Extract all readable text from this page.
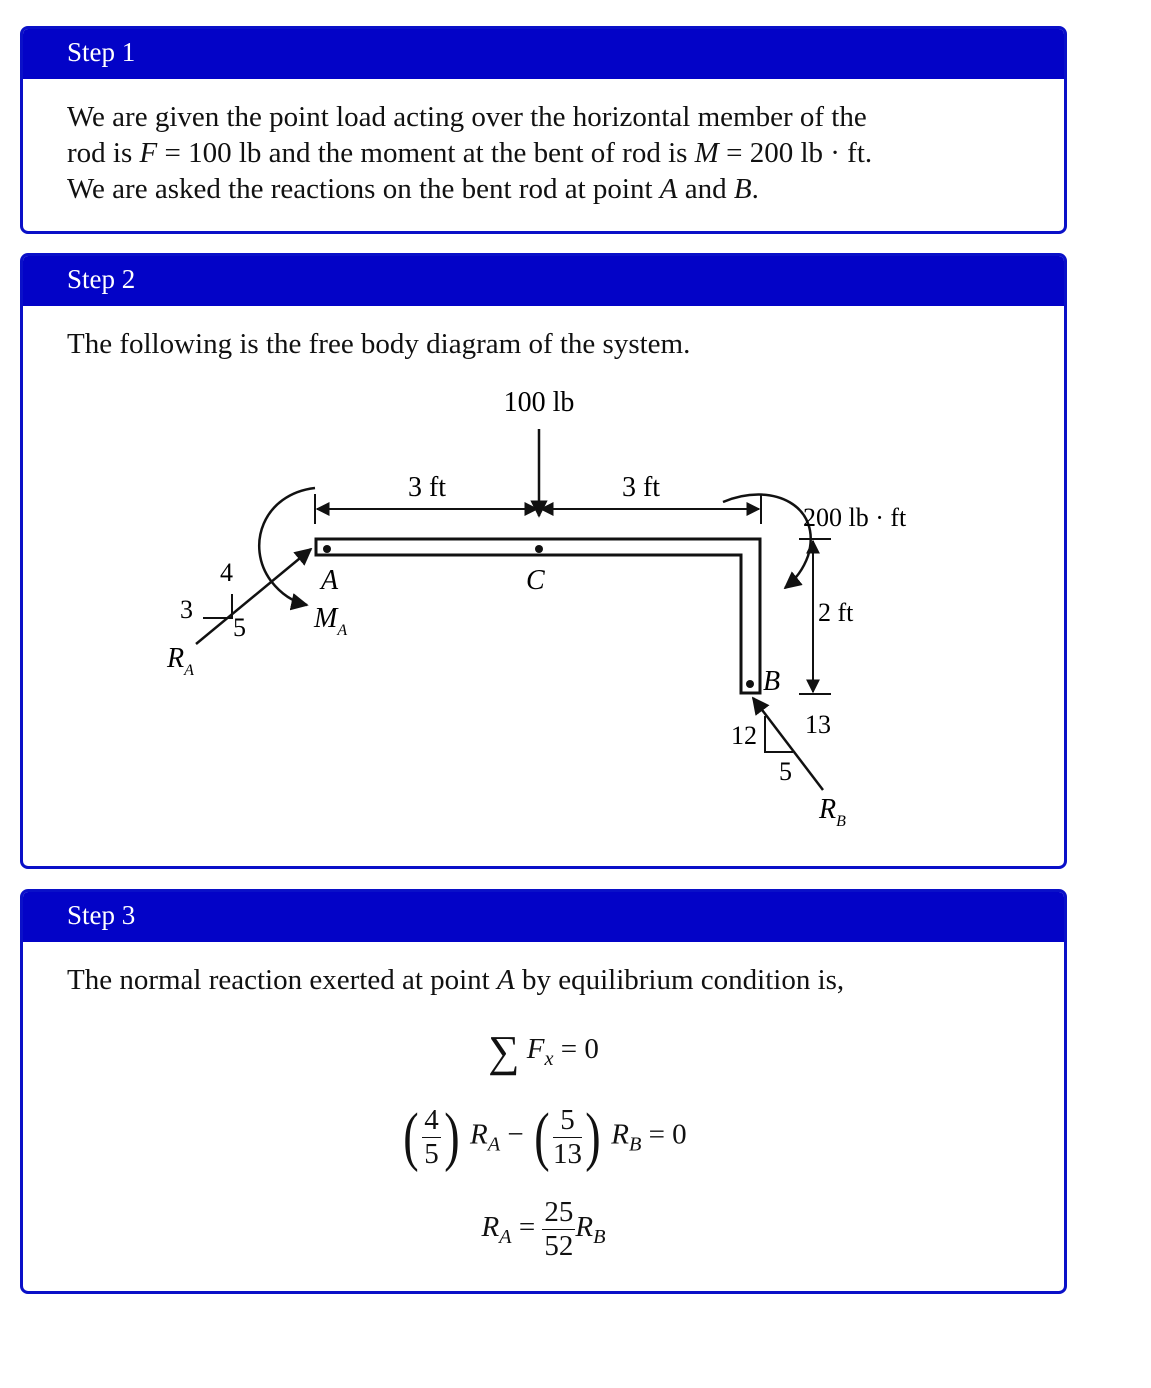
Step 1

We are given the point load acting over the horizontal member of the

rod is F = 100 lb and the moment at the bent of rod is M = 200 lb · ft.

We are asked the reactions on the bent rod at point A and B.

Step 2

The following is the free body diagram of the system.

100 lb
3 ft	3 ft
A	C
$M_A$
4
3
5
$R_A$
200 lb · ft
2 ft
B
12 13
5
$R_B$
Step 3

The normal reaction exerted at point A by equilibrium condition is,

∑ $F_x = 0$
( $\frac{4}{5}$ ) $R_A$ − ( $\frac{5}{13}$ ) $R_B = 0$
$R_A = \frac{25}{52} R_B$
